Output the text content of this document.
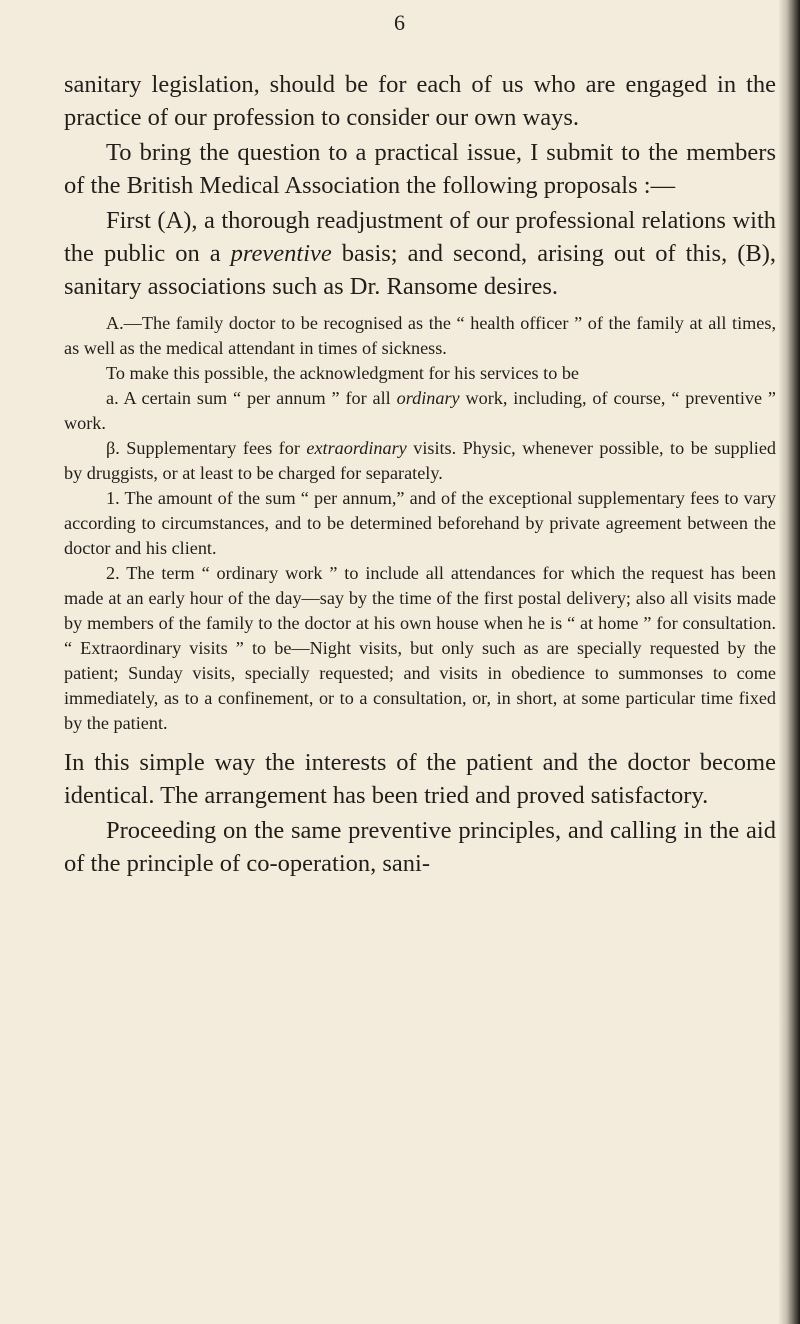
6

sanitary legislation, should be for each of us who are engaged in the practice of our profession to consider our own ways.

To bring the question to a practical issue, I submit to the members of the British Medical Association the following proposals :—

First (A), a thorough readjustment of our professional relations with the public on a preventive basis; and second, arising out of this, (B), sanitary associations such as Dr. Ransome desires.

A.—The family doctor to be recognised as the “ health officer ” of the family at all times, as well as the medical attendant in times of sickness.

To make this possible, the acknowledgment for his services to be

a. A certain sum “ per annum ” for all ordinary work, including, of course, “ preventive ” work.

β. Supplementary fees for extraordinary visits. Physic, whenever possible, to be supplied by druggists, or at least to be charged for separately.

1. The amount of the sum “ per annum,” and of the exceptional supplementary fees to vary according to circumstances, and to be determined beforehand by private agreement between the doctor and his client.

2. The term “ ordinary work ” to include all attendances for which the request has been made at an early hour of the day—say by the time of the first postal delivery; also all visits made by members of the family to the doctor at his own house when he is “ at home ” for consultation. “ Extraordinary visits ” to be—Night visits, but only such as are specially requested by the patient; Sunday visits, specially requested; and visits in obedience to summonses to come immediately, as to a confinement, or to a consultation, or, in short, at some particular time fixed by the patient.

In this simple way the interests of the patient and the doctor become identical. The arrangement has been tried and proved satisfactory.

Proceeding on the same preventive principles, and calling in the aid of the principle of co-operation, sani-
